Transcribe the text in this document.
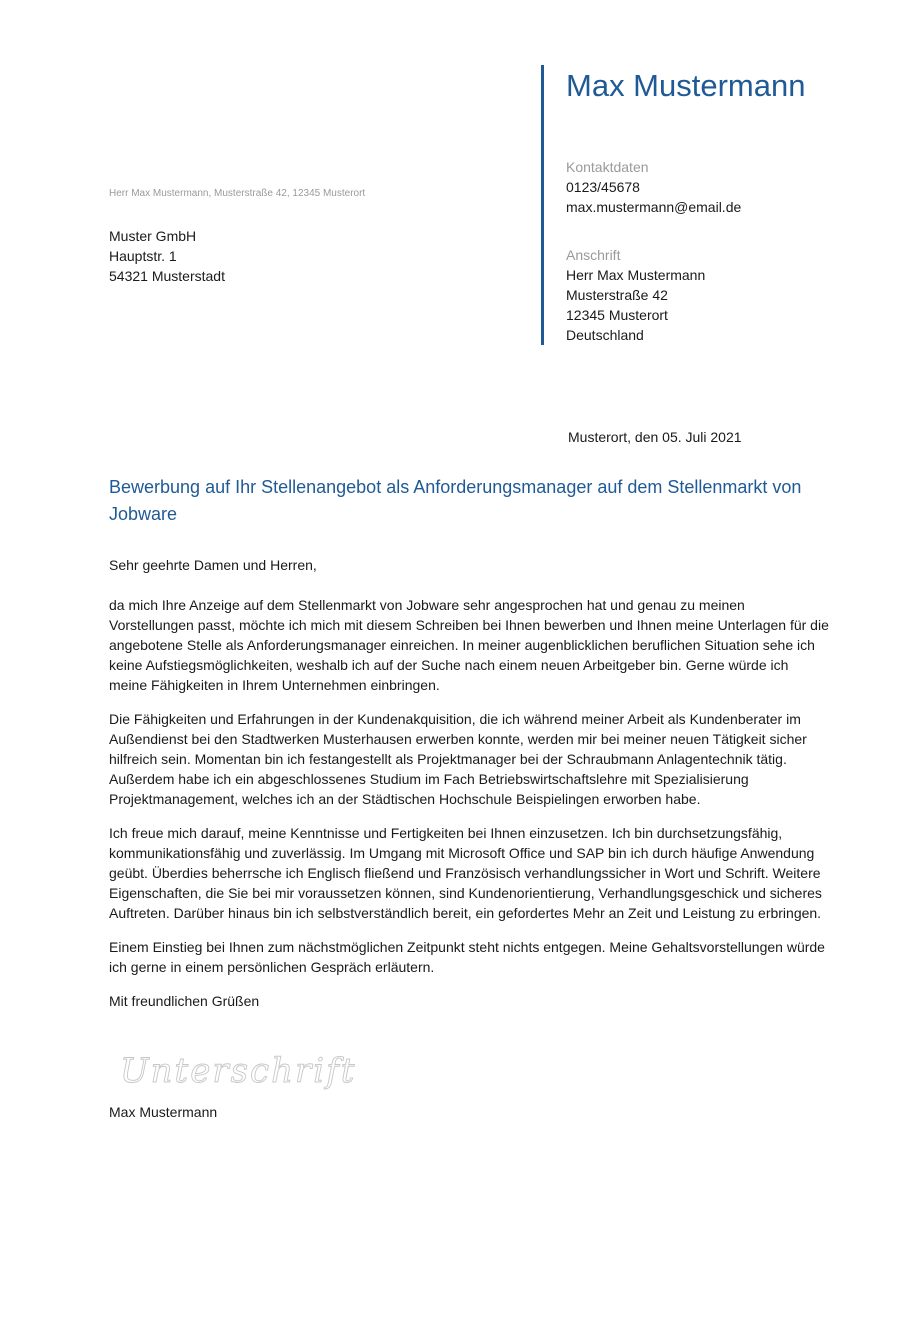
Max Mustermann
Kontaktdaten
0123/45678
max.mustermann@email.de
Anschrift
Herr Max Mustermann
Musterstraße 42
12345 Musterort
Deutschland
Herr Max Mustermann, Musterstraße 42, 12345 Musterort
Muster GmbH
Hauptstr. 1
54321 Musterstadt
Musterort, den 05. Juli 2021
Bewerbung auf Ihr Stellenangebot als Anforderungsmanager auf dem Stellenmarkt von Jobware

Sehr geehrte Damen und Herren,

da mich Ihre Anzeige auf dem Stellenmarkt von Jobware sehr angesprochen hat und genau zu meinen Vorstellungen passt, möchte ich mich mit diesem Schreiben bei Ihnen bewerben und Ihnen meine Unterlagen für die angebotene Stelle als Anforderungsmanager einreichen. In meiner augenblicklichen beruflichen Situation sehe ich keine Aufstiegsmöglichkeiten, weshalb ich auf der Suche nach einem neuen Arbeitgeber bin. Gerne würde ich meine Fähigkeiten in Ihrem Unternehmen einbringen.

Die Fähigkeiten und Erfahrungen in der Kundenakquisition, die ich während meiner Arbeit als Kundenberater im Außendienst bei den Stadtwerken Musterhausen erwerben konnte, werden mir bei meiner neuen Tätigkeit sicher hilfreich sein. Momentan bin ich festangestellt als Projektmanager bei der Schraubmann Anlagentechnik tätig. Außerdem habe ich ein abgeschlossenes Studium im Fach Betriebswirtschaftslehre mit Spezialisierung Projektmanagement, welches ich an der Städtischen Hochschule Beispielingen erworben habe.

Ich freue mich darauf, meine Kenntnisse und Fertigkeiten bei Ihnen einzusetzen. Ich bin durchsetzungsfähig, kommunikationsfähig und zuverlässig. Im Umgang mit Microsoft Office und SAP bin ich durch häufige Anwendung geübt. Überdies beherrsche ich Englisch fließend und Französisch verhandlungssicher in Wort und Schrift. Weitere Eigenschaften, die Sie bei mir voraussetzen können, sind Kundenorientierung, Verhandlungsgeschick und sicheres Auftreten. Darüber hinaus bin ich selbstverständlich bereit, ein gefordertes Mehr an Zeit und Leistung zu erbringen.

Einem Einstieg bei Ihnen zum nächstmöglichen Zeitpunkt steht nichts entgegen. Meine Gehaltsvorstellungen würde ich gerne in einem persönlichen Gespräch erläutern.

Mit freundlichen Grüßen

Unterschrift
Max Mustermann
